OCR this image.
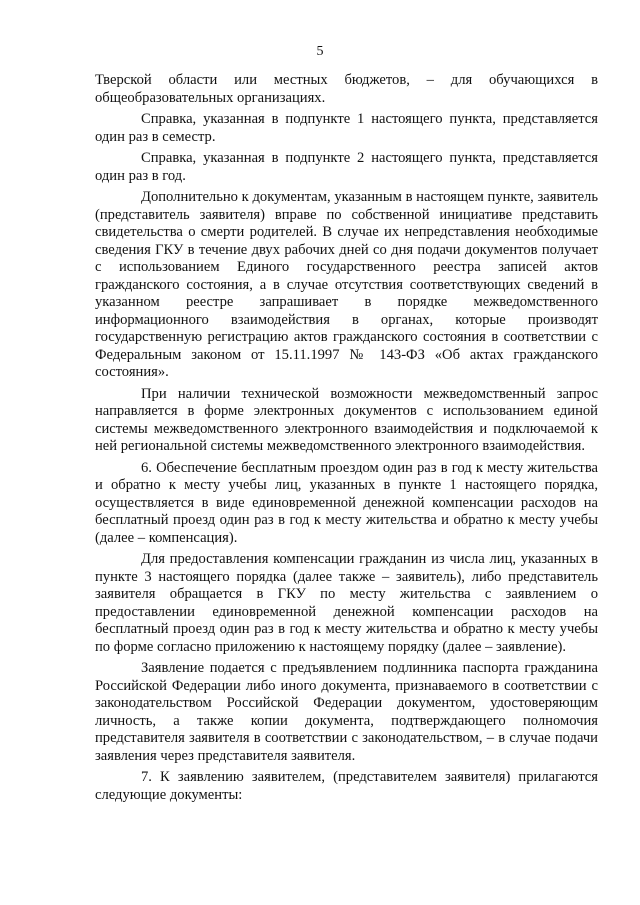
5

Тверской области или местных бюджетов, – для обучающихся в общеобразовательных организациях.

Справка, указанная в подпункте 1 настоящего пункта, представляется один раз в семестр.

Справка, указанная в подпункте 2 настоящего пункта, представляется один раз в год.

Дополнительно к документам, указанным в настоящем пункте, заявитель (представитель заявителя) вправе по собственной инициативе представить свидетельства о смерти родителей. В случае их непредставления необходимые сведения ГКУ в течение двух рабочих дней со дня подачи документов получает с использованием Единого государственного реестра записей актов гражданского состояния, а в случае отсутствия соответствующих сведений в указанном реестре запрашивает в порядке межведомственного информационного взаимодействия в органах, которые производят государственную регистрацию актов гражданского состояния в соответствии с Федеральным законом от 15.11.1997 № 143-ФЗ «Об актах гражданского состояния».

При наличии технической возможности межведомственный запрос направляется в форме электронных документов с использованием единой системы межведомственного электронного взаимодействия и подключаемой к ней региональной системы межведомственного электронного взаимодействия.

6. Обеспечение бесплатным проездом один раз в год к месту жительства и обратно к месту учебы лиц, указанных в пункте 1 настоящего порядка, осуществляется в виде единовременной денежной компенсации расходов на бесплатный проезд один раз в год к месту жительства и обратно к месту учебы (далее – компенсация).

Для предоставления компенсации гражданин из числа лиц, указанных в пункте 3 настоящего порядка (далее также – заявитель), либо представитель заявителя обращается в ГКУ по месту жительства с заявлением о предоставлении единовременной денежной компенсации расходов на бесплатный проезд один раз в год к месту жительства и обратно к месту учебы по форме согласно приложению к настоящему порядку (далее – заявление).

Заявление подается с предъявлением подлинника паспорта гражданина Российской Федерации либо иного документа, признаваемого в соответствии с законодательством Российской Федерации документом, удостоверяющим личность, а также копии документа, подтверждающего полномочия представителя заявителя в соответствии с законодательством, – в случае подачи заявления через представителя заявителя.

7. К заявлению заявителем, (представителем заявителя) прилагаются следующие документы:
